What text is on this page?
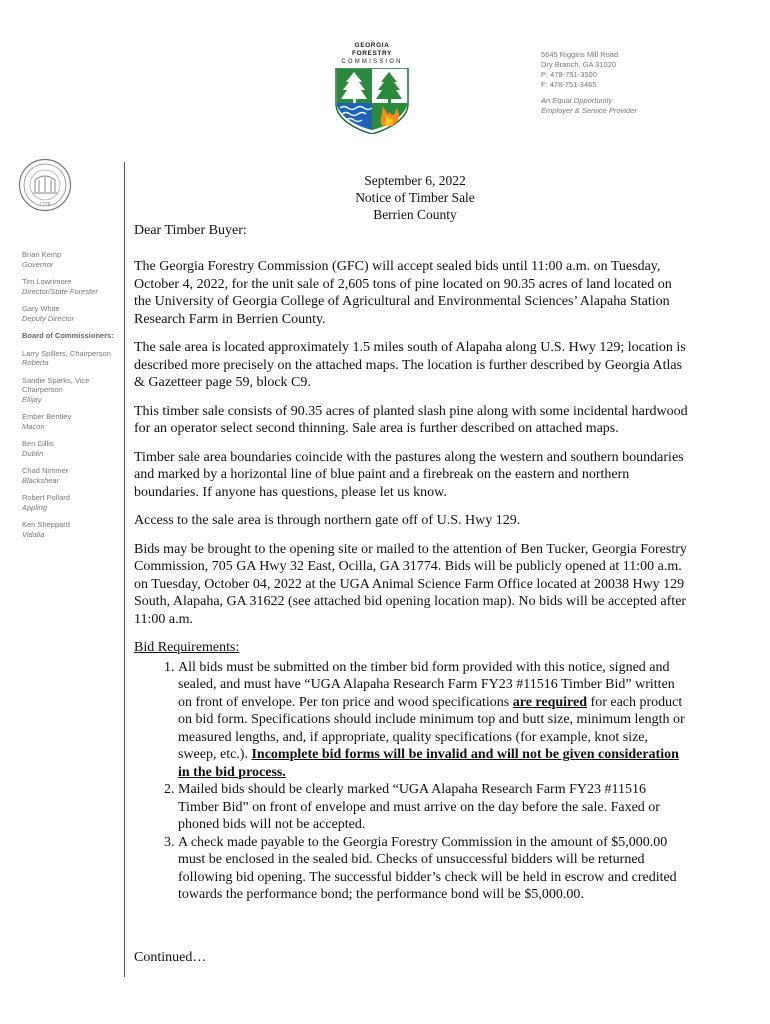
GEORGIA FORESTRY
COMMISSION
5645 Riggins Mill Road
Dry Branch, GA 31020
P: 478-751-3500
F: 478-751-3465
An Equal Opportunity
Employer & Service Provider
1776
Brian Kemp
Governor
Tim Lowrimore
Director/State Forester
Gary White
Deputy Director
Board of Commissioners:
Larry Spillers, Chairperson
Roberta
Sandie Sparks, Vice Chairperson
Ellijay
Ember Bentley
Macon
Ben Gillis
Dublin
Chad Nimmer
Blackshear
Robert Pollard
Appling
Ken Sheppard
Vidalia
September 6, 2022
Notice of Timber Sale
Berrien County
Dear Timber Buyer:

The Georgia Forestry Commission (GFC) will accept sealed bids until 11:00 a.m. on Tuesday, October 4, 2022, for the unit sale of 2,605 tons of pine located on 90.35 acres of land located on the University of Georgia College of Agricultural and Environmental Sciences’ Alapaha Station Research Farm in Berrien County.

The sale area is located approximately 1.5 miles south of Alapaha along U.S. Hwy 129; location is described more precisely on the attached maps. The location is further described by Georgia Atlas & Gazetteer page 59, block C9.

This timber sale consists of 90.35 acres of planted slash pine along with some incidental hardwood for an operator select second thinning. Sale area is further described on attached maps.

Timber sale area boundaries coincide with the pastures along the western and southern boundaries and marked by a horizontal line of blue paint and a firebreak on the eastern and northern boundaries. If anyone has questions, please let us know.

Access to the sale area is through northern gate off of U.S. Hwy 129.

Bids may be brought to the opening site or mailed to the attention of Ben Tucker, Georgia Forestry Commission, 705 GA Hwy 32 East, Ocilla, GA 31774. Bids will be publicly opened at 11:00 a.m. on Tuesday, October 04, 2022 at the UGA Animal Science Farm Office located at 20038 Hwy 129 South, Alapaha, GA 31622 (see attached bid opening location map). No bids will be accepted after 11:00 a.m.

Bid Requirements:

1. All bids must be submitted on the timber bid form provided with this notice, signed and sealed, and must have “UGA Alapaha Research Farm FY23 #11516 Timber Bid” written on front of envelope. Per ton price and wood specifications are required for each product on bid form. Specifications should include minimum top and butt size, minimum length or measured lengths, and, if appropriate, quality specifications (for example, knot size, sweep, etc.). Incomplete bid forms will be invalid and will not be given consideration in the bid process.
2. Mailed bids should be clearly marked “UGA Alapaha Research Farm FY23 #11516 Timber Bid” on front of envelope and must arrive on the day before the sale. Faxed or phoned bids will not be accepted.
3. A check made payable to the Georgia Forestry Commission in the amount of $5,000.00 must be enclosed in the sealed bid. Checks of unsuccessful bidders will be returned following bid opening. The successful bidder’s check will be held in escrow and credited towards the performance bond; the performance bond will be $5,000.00.
Continued…
